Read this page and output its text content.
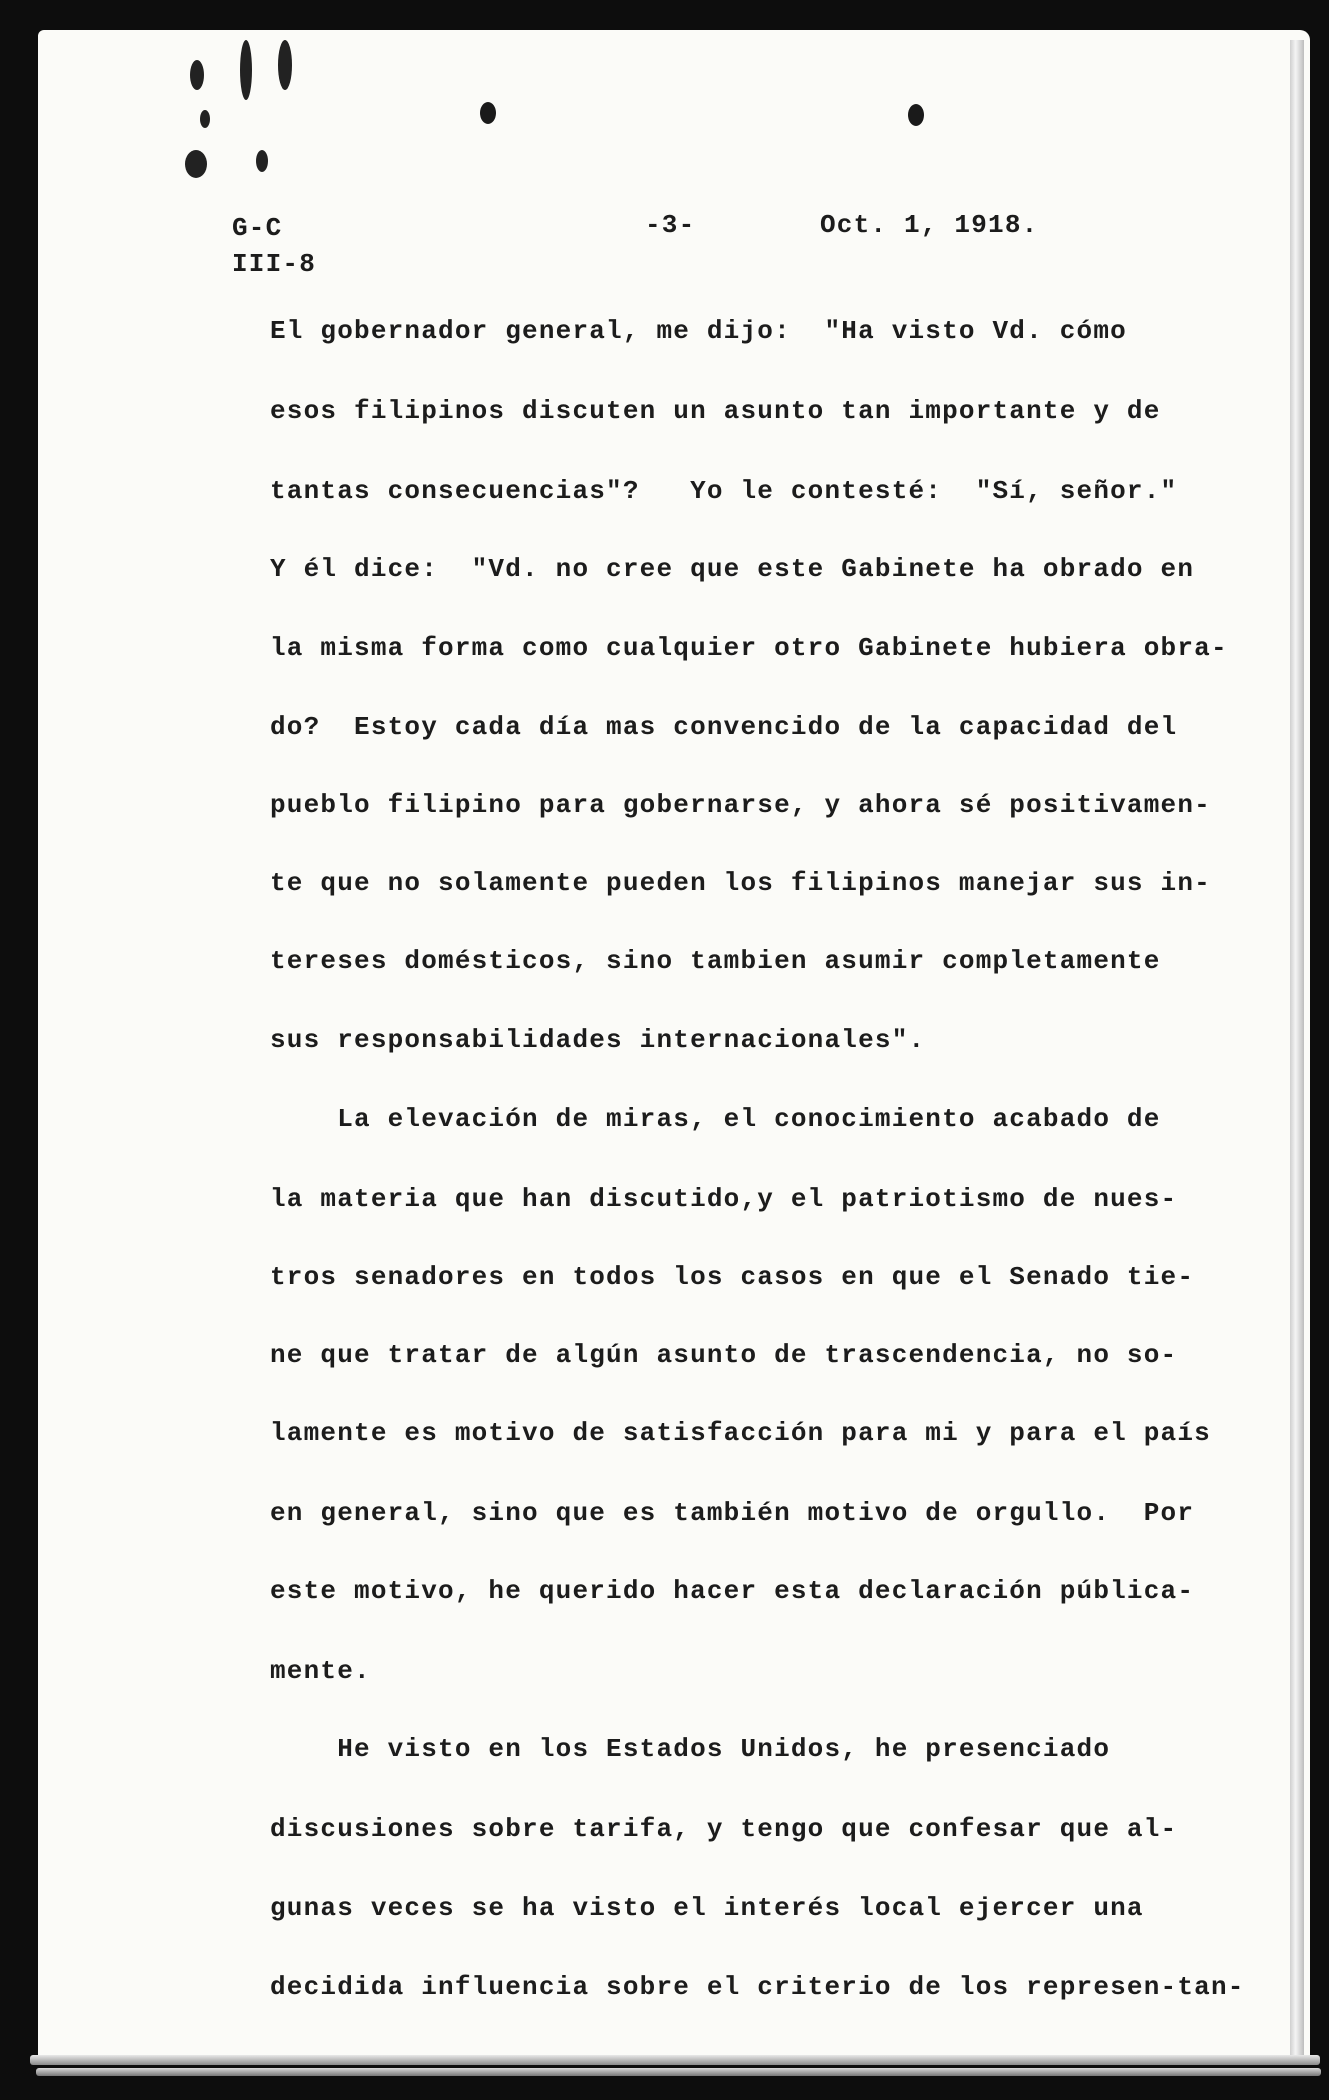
G-C
III-8
-3-	Oct. 1, 1918.
El gobernador general, me dijo:  "Ha visto Vd. cómo
esos filipinos discuten un asunto tan importante y de
tantas consecuencias"?   Yo le contesté:  "Sí, señor."
Y él dice:  "Vd. no cree que este Gabinete ha obrado en
la misma forma como cualquier otro Gabinete hubiera obra-
do?  Estoy cada día mas convencido de la capacidad del
pueblo filipino para gobernarse, y ahora sé positivamen-
te que no solamente pueden los filipinos manejar sus in-
tereses domésticos, sino tambien asumir completamente
sus responsabilidades internacionales".
La elevación de miras, el conocimiento acabado de
la materia que han discutido,y el patriotismo de nues-
tros senadores en todos los casos en que el Senado tie-
ne que tratar de algún asunto de trascendencia, no so-
lamente es motivo de satisfacción para mi y para el país
en general, sino que es también motivo de orgullo.  Por
este motivo, he querido hacer esta declaración públicа-
mente.
He visto en los Estados Unidos, he presenciado
discusiones sobre tarifa, y tengo que confesar que al-
gunas veces se ha visto el interés local ejercer una
decidida influencia sobre el criterio de los represen-tan-
